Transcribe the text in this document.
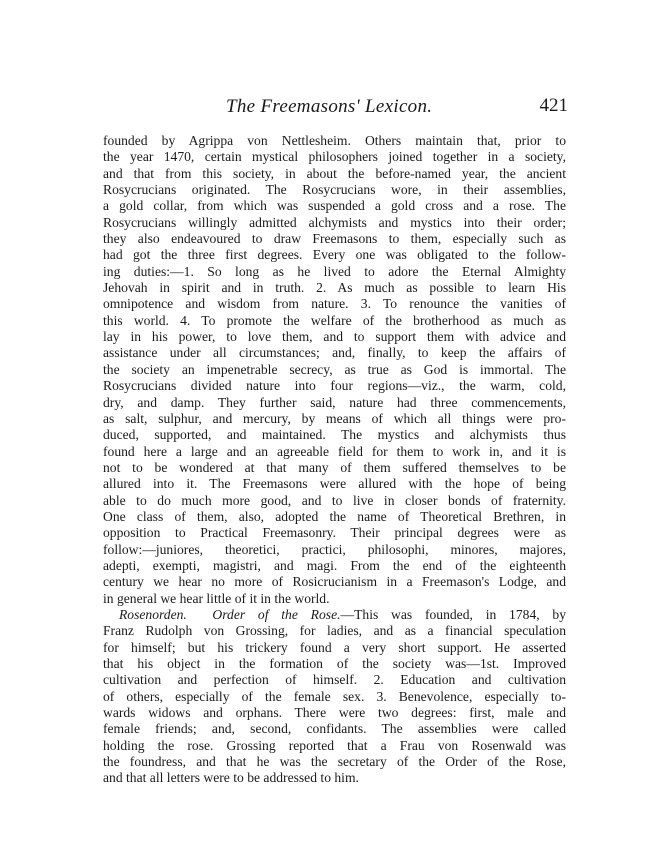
The Freemasons' Lexicon.	421
founded by Agrippa von Nettlesheim. Others maintain that, prior to
the year 1470, certain mystical philosophers joined together in a society,
and that from this society, in about the before-named year, the ancient
Rosycrucians originated. The Rosycrucians wore, in their assemblies,
a gold collar, from which was suspended a gold cross and a rose. The
Rosycrucians willingly admitted alchymists and mystics into their order;
they also endeavoured to draw Freemasons to them, especially such as
had got the three first degrees. Every one was obligated to the follow-
ing duties:—1. So long as he lived to adore the Eternal Almighty
Jehovah in spirit and in truth. 2. As much as possible to learn His
omnipotence and wisdom from nature. 3. To renounce the vanities of
this world. 4. To promote the welfare of the brotherhood as much as
lay in his power, to love them, and to support them with advice and
assistance under all circumstances; and, finally, to keep the affairs of
the society an impenetrable secrecy, as true as God is immortal. The
Rosycrucians divided nature into four regions—viz., the warm, cold,
dry, and damp. They further said, nature had three commencements,
as salt, sulphur, and mercury, by means of which all things were pro-
duced, supported, and maintained. The mystics and alchymists thus
found here a large and an agreeable field for them to work in, and it is
not to be wondered at that many of them suffered themselves to be
allured into it. The Freemasons were allured with the hope of being
able to do much more good, and to live in closer bonds of fraternity.
One class of them, also, adopted the name of Theoretical Brethren, in
opposition to Practical Freemasonry. Their principal degrees were as
follow:—juniores, theoretici, practici, philosophi, minores, majores,
adepti, exempti, magistri, and magi. From the end of the eighteenth
century we hear no more of Rosicrucianism in a Freemason's Lodge, and
in general we hear little of it in the world.
Rosenorden. Order of the Rose.—This was founded, in 1784, by
Franz Rudolph von Grossing, for ladies, and as a financial speculation
for himself; but his trickery found a very short support. He asserted
that his object in the formation of the society was—1st. Improved
cultivation and perfection of himself. 2. Education and cultivation
of others, especially of the female sex. 3. Benevolence, especially to-
wards widows and orphans. There were two degrees: first, male and
female friends; and, second, confidants. The assemblies were called
holding the rose. Grossing reported that a Frau von Rosenwald was
the foundress, and that he was the secretary of the Order of the Rose,
and that all letters were to be addressed to him.
